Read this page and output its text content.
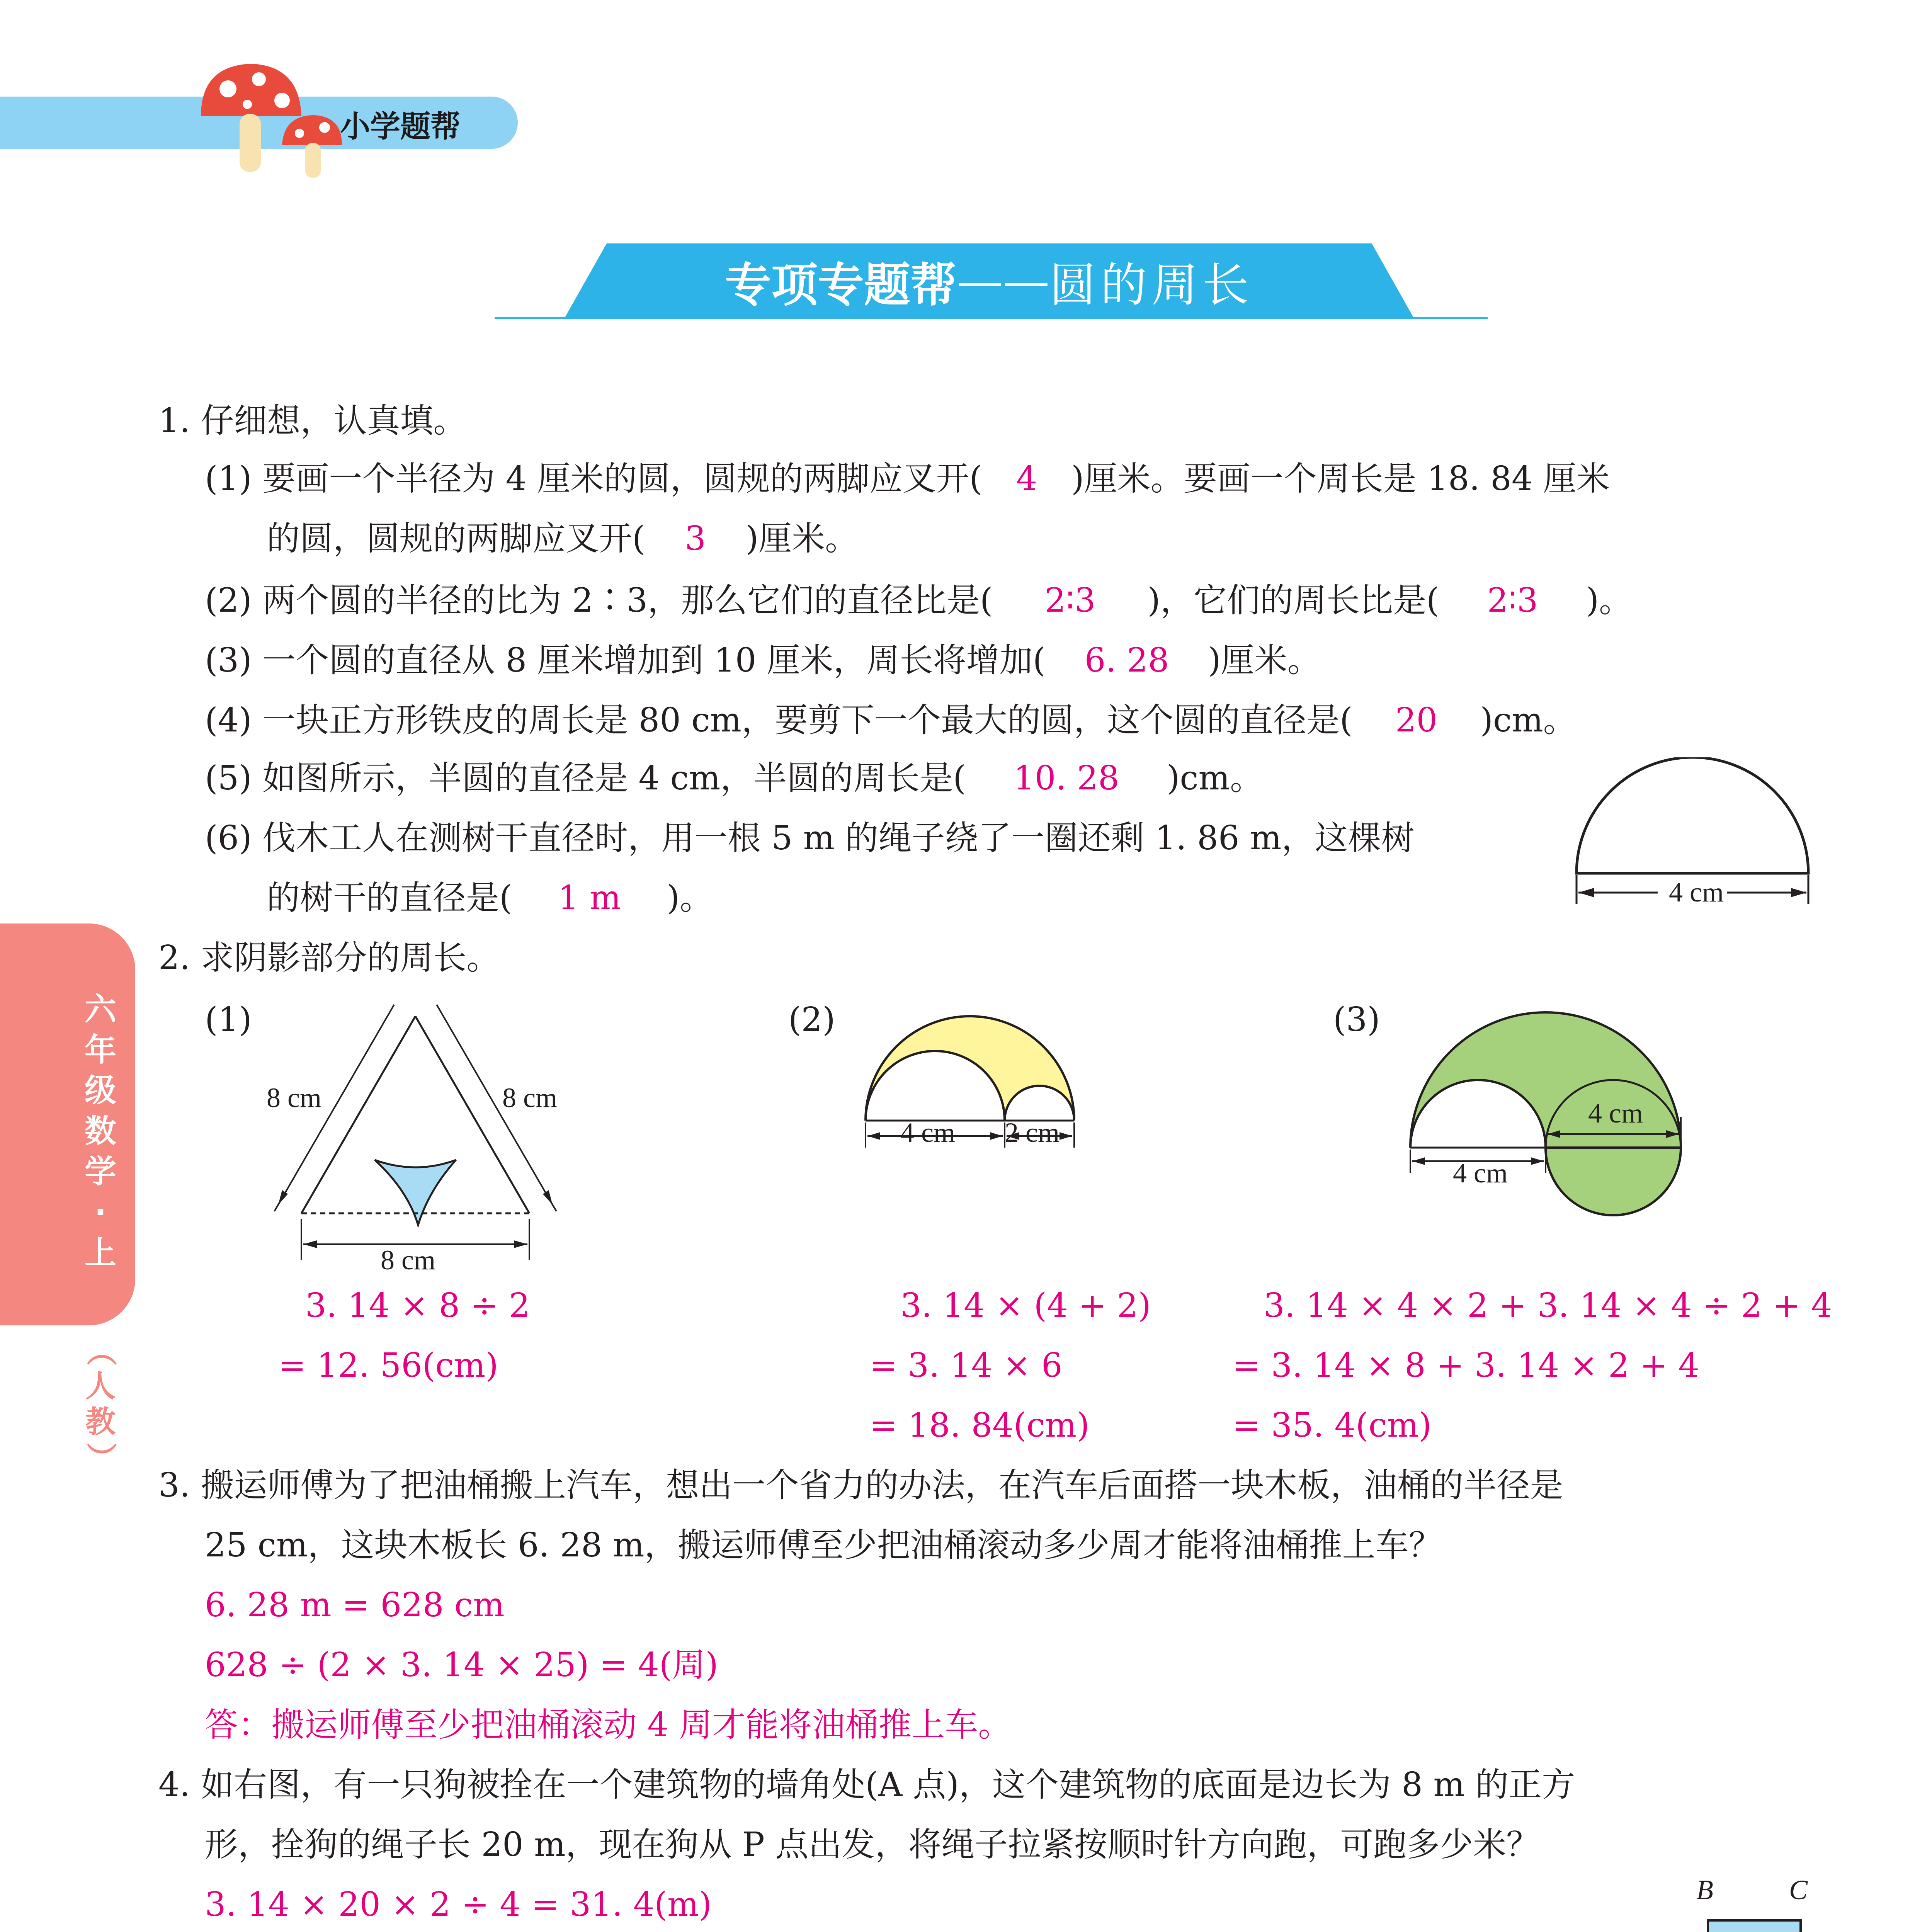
小学题帮
专项专题帮 —— 圆的周长
六
年
级
数
学
·
上
（
人
教
）
1. 仔细想，认真填。
(1) 要画一个半径为 4 厘米的圆，圆规的两脚应叉开( 4 )厘米。要画一个周长是 18. 84 厘米
的圆，圆规的两脚应叉开( 3 )厘米。
(2) 两个圆的半径的比为 2∶3，那么它们的直径比是( 2∶3 )，它们的周长比是( 2∶3 )。
(3) 一个圆的直径从 8 厘米增加到 10 厘米，周长将增加( 6. 28 )厘米。
(4) 一块正方形铁皮的周长是 80 cm，要剪下一个最大的圆，这个圆的直径是( 20 )cm。
(5) 如图所示，半圆的直径是 4 cm，半圆的周长是( 10. 28 )cm。
(6) 伐木工人在测树干直径时，用一根 5 m 的绳子绕了一圈还剩 1. 86 m，这棵树
的树干的直径是( 1 m )。	4 cm
2. 求阴影部分的周长。
(1)
8 cm	8 cm
8 cm
(2)
4 cm 2 cm
(3)
4 cm
4 cm
3. 14 × 8 ÷ 2
= 12. 56(cm)
3. 14 × (4 + 2)
= 3. 14 × 6
= 18. 84(cm)
3. 14 × 4 × 2 + 3. 14 × 4 ÷ 2 + 4
= 3. 14 × 8 + 3. 14 × 2 + 4
= 35. 4(cm)
3. 搬运师傅为了把油桶搬上汽车，想出一个省力的办法，在汽车后面搭一块木板，油桶的半径是
25 cm，这块木板长 6. 28 m，搬运师傅至少把油桶滚动多少周才能将油桶推上车？
6. 28 m = 628 cm
628 ÷ (2 × 3. 14 × 25) = 4(周)
答：搬运师傅至少把油桶滚动 4 周才能将油桶推上车。
4. 如右图，有一只狗被拴在一个建筑物的墙角处(A 点)，这个建筑物的底面是边长为 8 m 的正方
形，拴狗的绳子长 20 m，现在狗从 P 点出发，将绳子拉紧按顺时针方向跑，可跑多少米？
3. 14 × 20 × 2 ÷ 4 = 31. 4(m)	B	C
